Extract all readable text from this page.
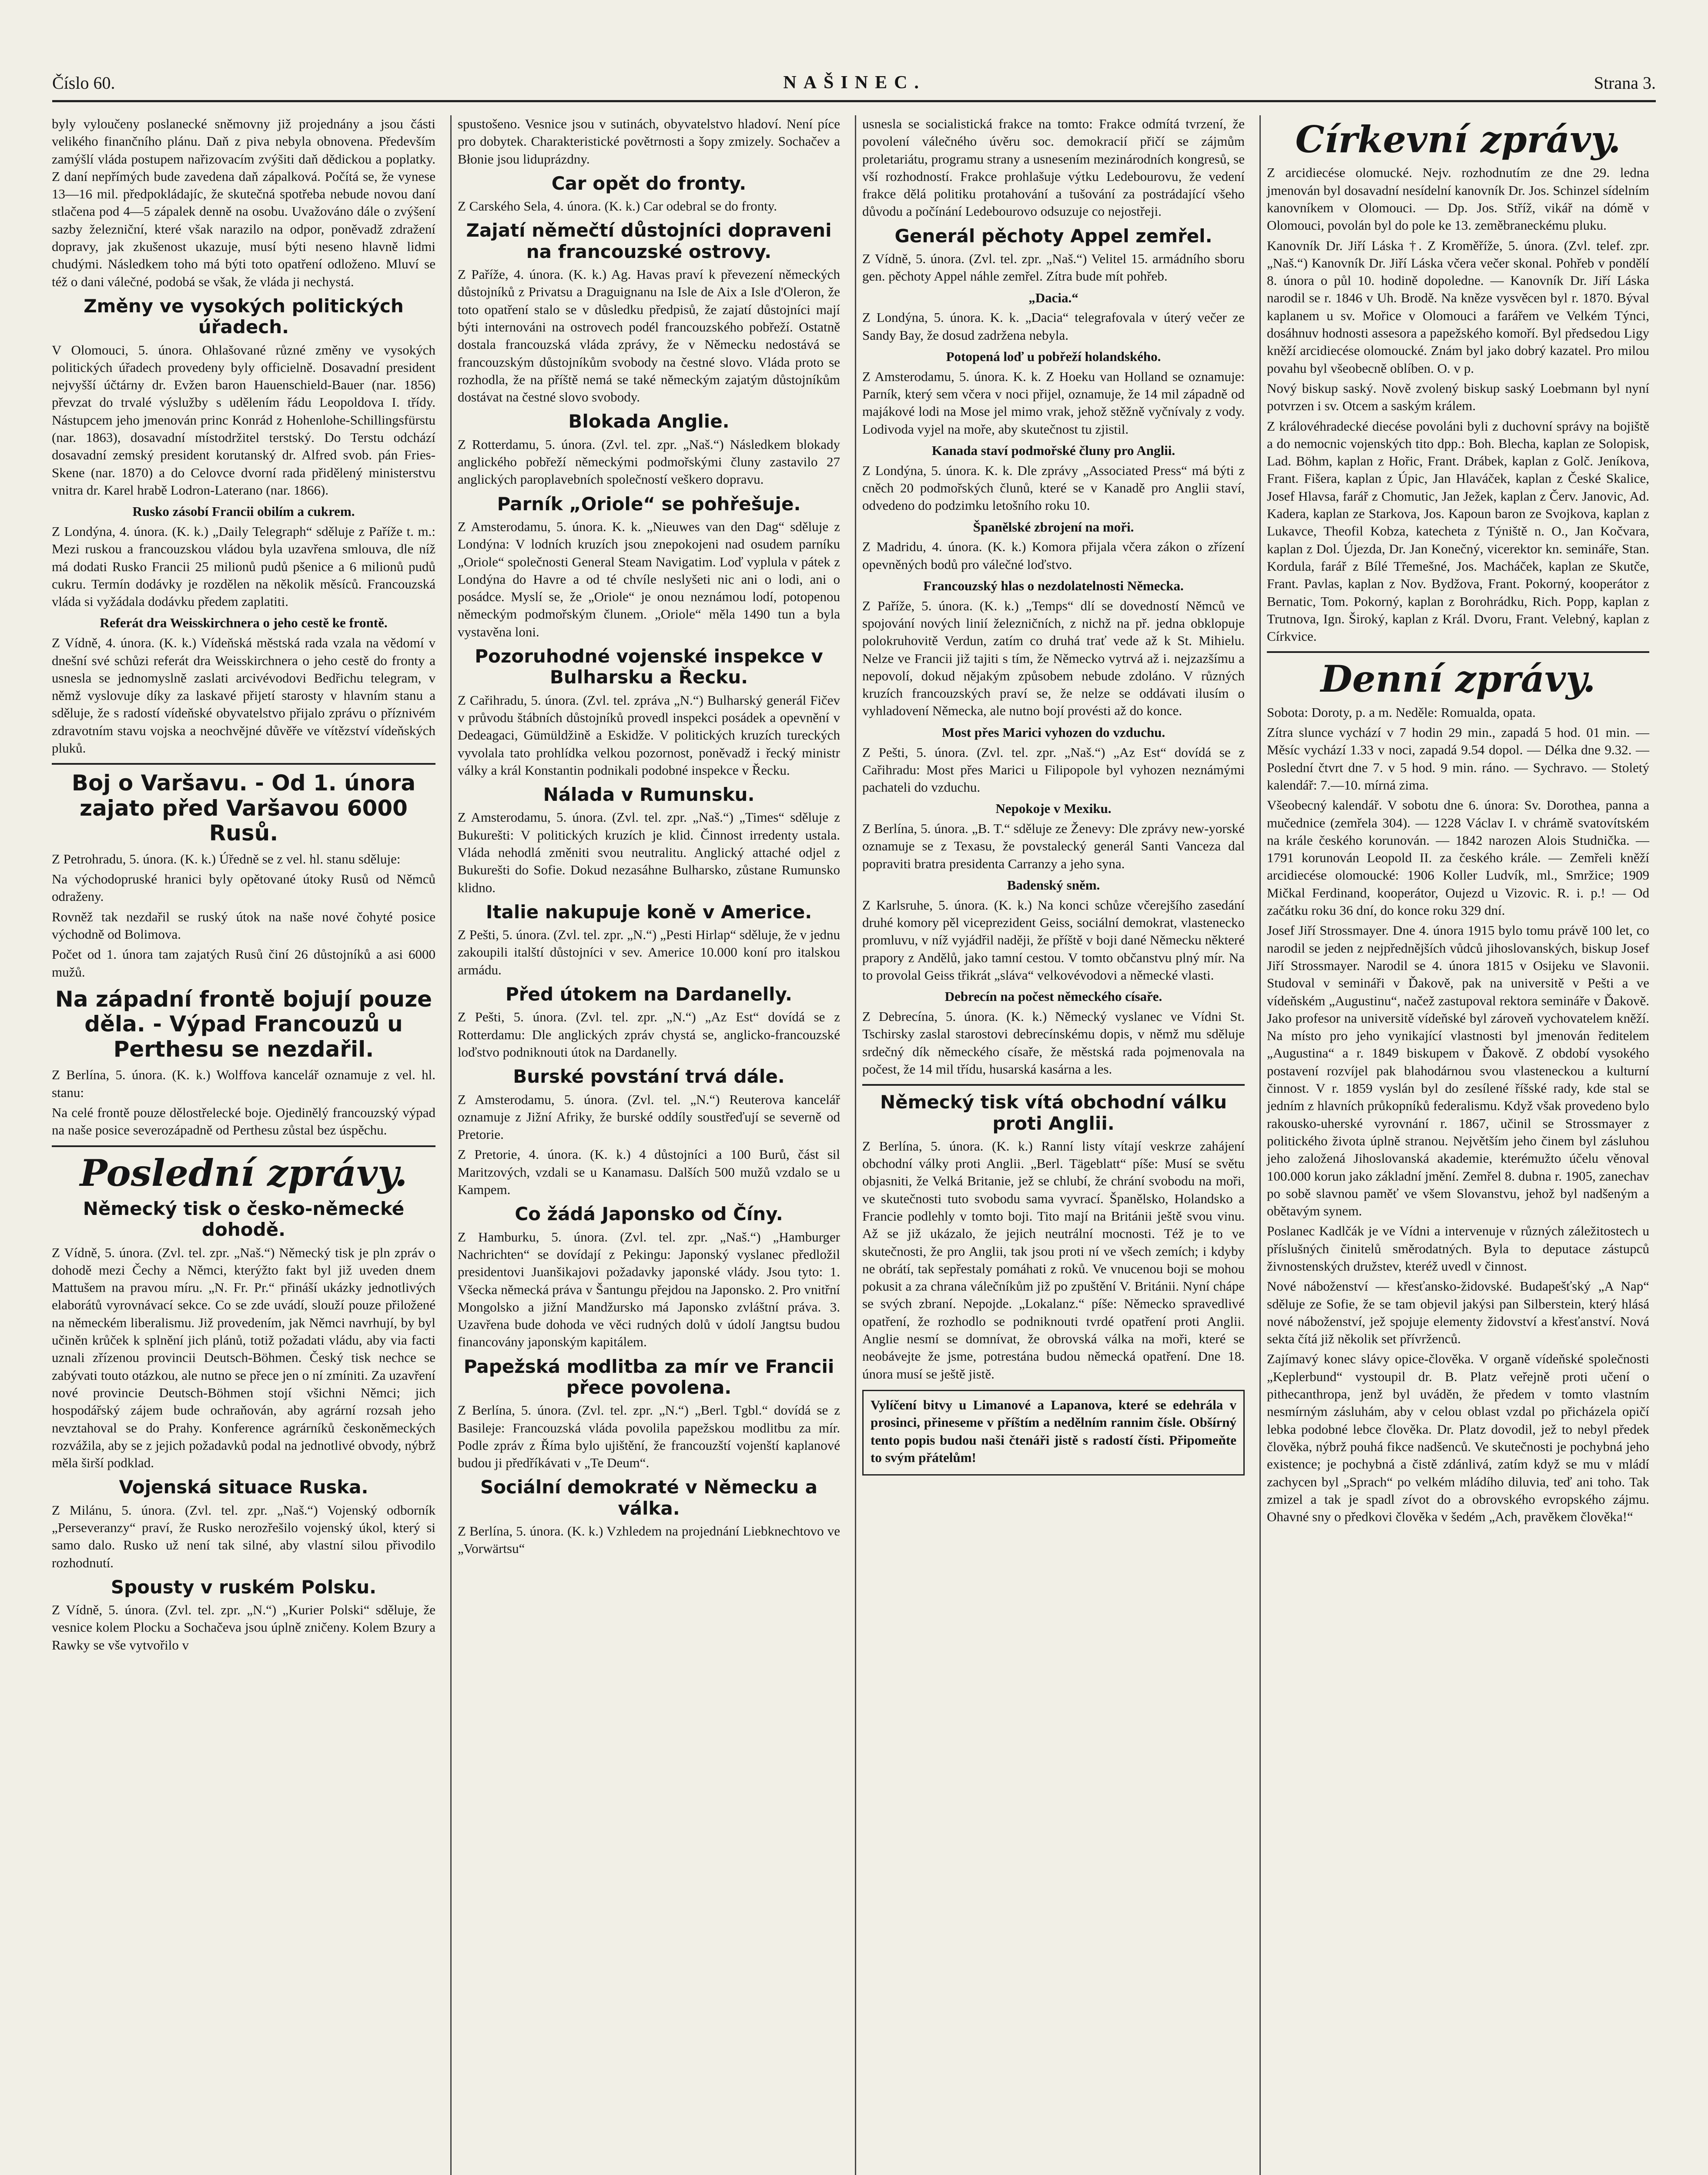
Číslo 60.	NAŠINEC.	Strana 3.

byly vyloučeny poslanecké sněmovny již projednány a jsou části velikého finančního plánu. Daň z piva nebyla obnovena. Především zamýšlí vláda postupem nařizovacím zvýšiti daň dědickou a poplatky. Z daní nepřímých bude zavedena daň zápalková. Počítá se, že vynese 13—16 mil. předpokládajíc, že skutečná spotřeba nebude novou daní stlačena pod 4—5 zápalek denně na osobu. Uvažováno dále o zvýšení sazby železniční, které však narazilo na odpor, poněvadž zdražení dopravy, jak zkušenost ukazuje, musí býti neseno hlavně lidmi chudými. Následkem toho má býti toto opatření odloženo. Mluví se též o dani válečné, podobá se však, že vláda ji nechystá.

Změny ve vysokých politických úřadech.

V Olomouci, 5. února. Ohlašované různé změny ve vysokých politických úřadech provedeny byly officielně. Dosavadní president nejvyšší účtárny dr. Evžen baron Hauenschield-Bauer (nar. 1856) převzat do trvalé výslužby s udělením řádu Leopoldova I. třídy. Nástupcem jeho jmenován princ Konrád z Hohenlohe-Schillingsfürstu (nar. 1863), dosavadní místodržitel terstský. Do Terstu odchází dosavadní zemský president korutanský dr. Alfred svob. pán Fries-Skene (nar. 1870) a do Celovce dvorní rada přidělený ministerstvu vnitra dr. Karel hrabě Lodron-Laterano (nar. 1866).

Rusko zásobí Francii obilím a cukrem.

Z Londýna, 4. února. (K. k.) „Daily Telegraph“ sděluje z Paříže t. m.: Mezi ruskou a francouzskou vládou byla uzavřena smlouva, dle níž má dodati Rusko Francii 25 milionů pudů pšenice a 6 milionů pudů cukru. Termín dodávky je rozdělen na několik měsíců. Francouzská vláda si vyžádala dodávku předem zaplatiti.

Referát dra Weisskirchnera o jeho cestě ke frontě.

Z Vídně, 4. února. (K. k.) Vídeňská městská rada vzala na vědomí v dnešní své schůzi referát dra Weisskirchnera o jeho cestě do fronty a usnesla se jednomyslně zaslati arcivévodovi Bedřichu telegram, v němž vyslovuje díky za laskavé přijetí starosty v hlavním stanu a sděluje, že s radostí vídeňské obyvatelstvo přijalo zprávu o příznivém zdravotním stavu vojska a neochvějné důvěře ve vítězství vídeňských pluků.

Boj o Varšavu. - Od 1. února zajato před Varšavou 6000 Rusů.

Z Petrohradu, 5. února. (K. k.) Úředně se z vel. hl. stanu sděluje:

Na východopruské hranici byly opětované útoky Rusů od Němců odraženy.

Rovněž tak nezdařil se ruský útok na naše nové čohyté posice východně od Bolimova.

Počet od 1. února tam zajatých Rusů činí 26 důstojníků a asi 6000 mužů.

Na západní frontě bojují pouze děla. - Výpad Francouzů u Perthesu se nezdařil.

Z Berlína, 5. února. (K. k.) Wolffova kancelář oznamuje z vel. hl. stanu:

Na celé frontě pouze dělostřelecké boje. Ojedinělý francouzský výpad na naše posice severozápadně od Perthesu zůstal bez úspěchu.

Poslední zprávy.
Německý tisk o česko-německé dohodě.

Z Vídně, 5. února. (Zvl. tel. zpr. „Naš.“) Německý tisk je pln zpráv o dohodě mezi Čechy a Němci, kterýžto fakt byl již uveden dnem Mattušem na pravou míru. „N. Fr. Pr.“ přináší ukázky jednotlivých elaborátů vyrovnávací sekce. Co se zde uvádí, slouží pouze přiložené na německém liberalismu. Již provedením, jak Němci navrhují, by byl učiněn krůček k splnění jich plánů, totiž požadati vládu, aby via facti uznali zřízenou provincii Deutsch-Böhmen. Český tisk nechce se zabývati touto otázkou, ale nutno se přece jen o ní zmíniti. Za uzavření nové provincie Deutsch-Böhmen stojí všichni Němci; jich hospodářský zájem bude ochraňován, aby agrární rozsah jeho nevztahoval se do Prahy. Konference agrárníků českoněmeckých rozvážila, aby se z jejich požadavků podal na jednotlivé obvody, nýbrž měla širší podklad.

Vojenská situace Ruska.

Z Milánu, 5. února. (Zvl. tel. zpr. „Naš.“) Vojenský odborník „Perseveranzy“ praví, že Rusko nerozřešilo vojenský úkol, který si samo dalo. Rusko už není tak silné, aby vlastní silou přivodilo rozhodnutí.

Spousty v ruském Polsku.

Z Vídně, 5. února. (Zvl. tel. zpr. „N.“) „Kurier Polski“ sděluje, že vesnice kolem Plocku a Sochačeva jsou úplně zničeny. Kolem Bzury a Rawky se vše vytvořilo v

spustošeno. Vesnice jsou v sutinách, obyvatelstvo hladoví. Není píce pro dobytek. Charakteristické povětrnosti a šopy zmizely. Sochačev a Błonie jsou liduprázdny.

Car opět do fronty.

Z Carského Sela, 4. února. (K. k.) Car odebral se do fronty.

Zajatí němečtí důstojníci dopraveni na francouzské ostrovy.

Z Paříže, 4. února. (K. k.) Ag. Havas praví k převezení německých důstojníků z Privatsu a Draguignanu na Isle de Aix a Isle d'Oleron, že toto opatření stalo se v důsledku předpisů, že zajatí důstojníci mají býti internováni na ostrovech podél francouzského pobřeží. Ostatně dostala francouzská vláda zprávy, že v Německu nedostává se francouzským důstojníkům svobody na čestné slovo. Vláda proto se rozhodla, že na příště nemá se také německým zajatým důstojníkům dostávat na čestné slovo svobody.

Blokada Anglie.

Z Rotterdamu, 5. února. (Zvl. tel. zpr. „Naš.“) Následkem blokady anglického pobřeží německými podmořskými čluny zastavilo 27 anglických paroplavebních společností veškero dopravu.

Parník „Oriole“ se pohřešuje.

Z Amsterodamu, 5. února. K. k. „Nieuwes van den Dag“ sděluje z Londýna: V lodních kruzích jsou znepokojeni nad osudem parníku „Oriole“ společnosti General Steam Navigatim. Loď vyplula v pátek z Londýna do Havre a od té chvíle neslyšeti nic ani o lodi, ani o posádce. Myslí se, že „Oriole“ je onou neznámou lodí, potopenou německým podmořským člunem. „Oriole“ měla 1490 tun a byla vystavěna loni.

Pozoruhodné vojenské inspekce v Bulharsku a Řecku.

Z Cařihradu, 5. února. (Zvl. tel. zpráva „N.“) Bulharský generál Fičev v průvodu štábních důstojníků provedl inspekci posádek a opevnění v Dedeagaci, Gümüldžině a Eskidže. V politických kruzích tureckých vyvolala tato prohlídka velkou pozornost, poněvadž i řecký ministr války a král Konstantin podnikali podobné inspekce v Řecku.

Nálada v Rumunsku.

Z Amsterodamu, 5. února. (Zvl. tel. zpr. „Naš.“) „Times“ sděluje z Bukurešti: V politických kruzích je klid. Činnost irredenty ustala. Vláda nehodlá změniti svou neutralitu. Anglický attaché odjel z Bukurešti do Sofie. Dokud nezasáhne Bulharsko, zůstane Rumunsko klidno.

Italie nakupuje koně v Americe.

Z Pešti, 5. února. (Zvl. tel. zpr. „N.“) „Pesti Hirlap“ sděluje, že v jednu zakoupili italští důstojníci v sev. Americe 10.000 koní pro italskou armádu.

Před útokem na Dardanelly.

Z Pešti, 5. února. (Zvl. tel. zpr. „N.“) „Az Est“ dovídá se z Rotterdamu: Dle anglických zpráv chystá se, anglicko-francouzské loďstvo podniknouti útok na Dardanelly.

Burské povstání trvá dále.

Z Amsterodamu, 5. února. (Zvl. tel. „N.“) Reuterova kancelář oznamuje z Jižní Afriky, že burské oddíly soustřeďují se severně od Pretorie.

Z Pretorie, 4. února. (K. k.) 4 důstojníci a 100 Burů, část sil Maritzových, vzdali se u Kanamasu. Dalších 500 mužů vzdalo se u Kampem.

Co žádá Japonsko od Číny.

Z Hamburku, 5. února. (Zvl. tel. zpr. „Naš.“) „Hamburger Nachrichten“ se dovídají z Pekingu: Japonský vyslanec předložil presidentovi Juanšikajovi požadavky japonské vlády. Jsou tyto: 1. Všecka německá práva v Šantungu přejdou na Japonsko. 2. Pro vnitřní Mongolsko a jižní Mandžursko má Japonsko zvláštní práva. 3. Uzavřena bude dohoda ve věci rudných dolů v údolí Jangtsu budou financovány japonským kapitálem.

Papežská modlitba za mír ve Francii přece povolena.

Z Berlína, 5. února. (Zvl. tel. zpr. „N.“) „Berl. Tgbl.“ dovídá se z Basileje: Francouzská vláda povolila papežskou modlitbu za mír. Podle zpráv z Říma bylo ujištění, že francouzští vojenští kaplanové budou ji předříkávati v „Te Deum“.

Sociální demokraté v Německu a válka.

Z Berlína, 5. února. (K. k.) Vzhledem na projednání Liebknechtovo ve „Vorwärtsu“

usnesla se socialistická frakce na tomto: Frakce odmítá tvrzení, že povolení válečného úvěru soc. demokracií přičí se zájmům proletariátu, programu strany a usnesením mezinárodních kongresů, se vší rozhodností. Frakce prohlašuje výtku Ledebourovu, že vedení frakce dělá politiku protahování a tušování za postrádající všeho důvodu a počínání Ledebourovo odsuzuje co nejostřeji.

Generál pěchoty Appel zemřel.

Z Vídně, 5. února. (Zvl. tel. zpr. „Naš.“) Velitel 15. armádního sboru gen. pěchoty Appel náhle zemřel. Zítra bude mít pohřeb.

„Dacia.“

Z Londýna, 5. února. K. k. „Dacia“ telegrafovala v úterý večer ze Sandy Bay, že dosud zadržena nebyla.

Potopená loď u pobřeží holandského.

Z Amsterodamu, 5. února. K. k. Z Hoeku van Holland se oznamuje: Parník, který sem včera v noci přijel, oznamuje, že 14 mil západně od majákové lodi na Mose jel mimo vrak, jehož stěžně vyčnívaly z vody. Lodivoda vyjel na moře, aby skutečnost tu zjistil.

Kanada staví podmořské čluny pro Anglii.

Z Londýna, 5. února. K. k. Dle zprávy „Associated Press“ má býti z cněch 20 podmořských člunů, které se v Kanadě pro Anglii staví, odvedeno do podzimku letošního roku 10.

Španělské zbrojení na moři.

Z Madridu, 4. února. (K. k.) Komora přijala včera zákon o zřízení opevněných bodů pro válečné loďstvo.

Francouzský hlas o nezdolatelnosti Německa.

Z Paříže, 5. února. (K. k.) „Temps“ dlí se dovedností Němců ve spojování nových linií železničních, z nichž na př. jedna obklopuje polokruhovitě Verdun, zatím co druhá trať vede až k St. Mihielu. Nelze ve Francii již tajiti s tím, že Německo vytrvá až i. nejzazšímu a nepovolí, dokud nějakým způsobem nebude zdoláno. V různých kruzích francouzských praví se, že nelze se oddávati ilusím o vyhladovení Německa, ale nutno bojí provésti až do konce.

Most přes Marici vyhozen do vzduchu.

Z Pešti, 5. února. (Zvl. tel. zpr. „Naš.“) „Az Est“ dovídá se z Cařihradu: Most přes Marici u Filipopole byl vyhozen neznámými pachateli do vzduchu.

Nepokoje v Mexiku.

Z Berlína, 5. února. „B. T.“ sděluje ze Ženevy: Dle zprávy new-yorské oznamuje se z Texasu, že povstalecký generál Santi Vanceza dal popraviti bratra presidenta Carranzy a jeho syna.

Badenský sněm.

Z Karlsruhe, 5. února. (K. k.) Na konci schůze včerejšího zasedání druhé komory pěl viceprezident Geiss, sociální demokrat, vlastenecko promluvu, v níž vyjádřil naději, že příště v boji dané Německu některé prapory z Andělů, jako tamní cestou. V tomto občanstvu plný mír. Na to provolal Geiss třikrát „sláva“ velkovévodovi a německé vlasti.

Debrecín na počest německého císaře.

Z Debrecína, 5. února. (K. k.) Německý vyslanec ve Vídni St. Tschirsky zaslal starostovi debrecínskému dopis, v němž mu sděluje srdečný dík německého císaře, že městská rada pojmenovala na počest, že 14 mil třídu, husarská kasárna a les.

Německý tisk vítá obchodní válku proti Anglii.

Z Berlína, 5. února. (K. k.) Ranní listy vítají veskrze zahájení obchodní války proti Anglii. „Berl. Tägeblatt“ píše: Musí se světu objasniti, že Velká Britanie, jež se chlubí, že chrání svobodu na moři, ve skutečnosti tuto svobodu sama vyvrací. Španělsko, Holandsko a Francie podlehly v tomto boji. Tito mají na Británii ještě svou vinu. Až se již ukázalo, že jejich neutrální mocnosti. Též je to ve skutečnosti, že pro Anglii, tak jsou proti ní ve všech zemích; i kdyby ne obrátí, tak sepřestaly pomáhati z roků. Ve vnucenou boji se mohou pokusit a za chrana válečníkům již po zpuštění V. Británii. Nyní chápe se svých zbraní. Nepojde. „Lokalanz.“ píše: Německo spravedlivé opatření, že rozhodlo se podniknouti tvrdé opatření proti Anglii. Anglie nesmí se domnívat, že obrovská válka na moři, které se neobávejte že jsme, potrestána budou německá opatření. Dne 18. února musí se ještě jistě.

Vylíčení bitvy u Limanové a Lapanova, které se edehrála v prosinci, přineseme v příštím a nedělním rannim čísle. Obšírný tento popis budou naši čtenáři jistě s radostí čísti. Připomeňte to svým přátelům!

Církevní zprávy.

Z arcidiecése olomucké. Nejv. rozhodnutím ze dne 29. ledna jmenován byl dosavadní nesídelní kanovník Dr. Jos. Schinzel sídelním kanovníkem v Olomouci. — Dp. Jos. Stříž, vikář na dómě v Olomouci, povolán byl do pole ke 13. zeměbraneckému pluku.

Kanovník Dr. Jiří Láska †. Z Kroměříže, 5. února. (Zvl. telef. zpr. „Naš.“) Kanovník Dr. Jiří Láska včera večer skonal. Pohřeb v pondělí 8. února o půl 10. hodině dopoledne. — Kanovník Dr. Jiří Láska narodil se r. 1846 v Uh. Brodě. Na kněze vysvěcen byl r. 1870. Býval kaplanem u sv. Mořice v Olomouci a farářem ve Velkém Týnci, dosáhnuv hodnosti assesora a papežského komoří. Byl předsedou Ligy kněží arcidiecése olomoucké. Znám byl jako dobrý kazatel. Pro milou povahu byl všeobecně oblíben. O. v p.

Nový biskup saský. Nově zvolený biskup saský Loebmann byl nyní potvrzen i sv. Otcem a saským králem.

Z královéhradecké diecése povoláni byli z duchovní správy na bojiště a do nemocnic vojenských tito dpp.: Boh. Blecha, kaplan ze Solopisk, Lad. Böhm, kaplan z Hořic, Frant. Drábek, kaplan z Golč. Jeníkova, Frant. Fišera, kaplan z Úpic, Jan Hlaváček, kaplan z České Skalice, Josef Hlavsa, farář z Chomutic, Jan Ježek, kaplan z Červ. Janovic, Ad. Kadera, kaplan ze Starkova, Jos. Kapoun baron ze Svojkova, kaplan z Lukavce, Theofil Kobza, katecheta z Týniště n. O., Jan Kočvara, kaplan z Dol. Újezda, Dr. Jan Konečný, vicerektor kn. semináře, Stan. Kordula, farář z Bílé Třemešné, Jos. Macháček, kaplan ze Skutče, Frant. Pavlas, kaplan z Nov. Bydžova, Frant. Pokorný, kooperátor z Bernatic, Tom. Pokorný, kaplan z Borohrádku, Rich. Popp, kaplan z Trutnova, Ign. Široký, kaplan z Král. Dvoru, Frant. Velebný, kaplan z Církvice.

Denní zprávy.

Sobota: Doroty, p. a m. Neděle: Romualda, opata.

Zítra slunce vychází v 7 hodin 29 min., zapadá 5 hod. 01 min. — Měsíc vychází 1.33 v noci, zapadá 9.54 dopol. — Délka dne 9.32. — Poslední čtvrt dne 7. v 5 hod. 9 min. ráno. — Sychravo. — Stoletý kalendář: 7.—10. mírná zima.

Všeobecný kalendář. V sobotu dne 6. února: Sv. Dorothea, panna a mučednice (zemřela 304). — 1228 Václav I. v chrámě svatovítském na krále českého korunován. — 1842 narozen Alois Studnička. — 1791 korunován Leopold II. za českého krále. — Zemřeli kněží arcidiecése olomoucké: 1906 Koller Ludvík, ml., Smržice; 1909 Mičkal Ferdinand, kooperátor, Oujezd u Vizovic. R. i. p.! — Od začátku roku 36 dní, do konce roku 329 dní.

Josef Jiří Strossmayer. Dne 4. února 1915 bylo tomu právě 100 let, co narodil se jeden z nejpřednějších vůdců jihoslovanských, biskup Josef Jiří Strossmayer. Narodil se 4. února 1815 v Osijeku ve Slavonii. Studoval v semináři v Ďakově, pak na universitě v Pešti a ve vídeňském „Augustinu“, načež zastupoval rektora semináře v Ďakově. Jako profesor na universitě vídeňské byl zároveň vychovatelem kněží. Na místo pro jeho vynikající vlastnosti byl jmenován ředitelem „Augustina“ a r. 1849 biskupem v Ďakově. Z období vysokého postavení rozvíjel pak blahodárnou svou vlasteneckou a kulturní činnost. V r. 1859 vyslán byl do zesílené říšské rady, kde stal se jedním z hlavních průkopníků federalismu. Když však provedeno bylo rakousko-uherské vyrovnání r. 1867, učinil se Strossmayer z politického života úplně stranou. Největším jeho činem byl zásluhou jeho založená Jihoslovanská akademie, kterémužto účelu věnoval 100.000 korun jako základní jmění. Zemřel 8. dubna r. 1905, zanechav po sobě slavnou paměť ve všem Slovanstvu, jehož byl nadšeným a obětavým synem.

Poslanec Kadlčák je ve Vídni a intervenuje v různých záležitostech u příslušných činitelů směrodatných. Byla to deputace zástupců živnostenských družstev, kteréž uvedl v činnost.

Nové náboženství — křesťansko-židovské. Budapešťský „A Nap“ sděluje ze Sofie, že se tam objevil jakýsi pan Silberstein, který hlásá nové náboženství, jež spojuje elementy židovství a křesťanství. Nová sekta čítá již několik set přívrženců.

Zajímavý konec slávy opice-člověka. V organě vídeňské společnosti „Keplerbund“ vystoupil dr. B. Platz veřejně proti učení o pithecanthropa, jenž byl uváděn, že předem v tomto vlastním nesmírným zásluhám, aby v celou oblast vzdal po přicházela opičí lebka podobné lebce člověka. Dr. Platz dovodil, jež to nebyl předek člověka, nýbrž pouhá fikce nadšenců. Ve skutečnosti je pochybná jeho existence; je pochybná a čistě zdánlivá, zatím když se mu v mládí zachycen byl „Sprach“ po velkém mládího diluvia, teď ani toho. Tak zmizel a tak je spadl zívot do a obrovského evropského zájmu. Ohavné sny o předkovi člověka v šedém „Ach, pravěkem člověka!“
